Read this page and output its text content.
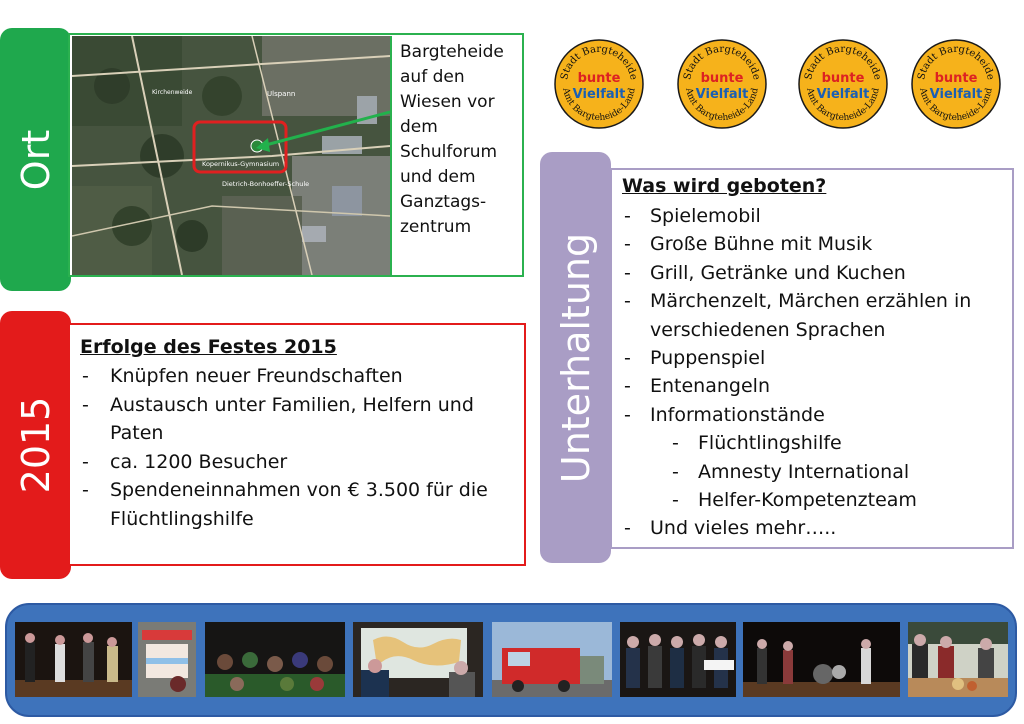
Ort
Ulspann
Kopernikus-Gymnasium
Dietrich-Bonhoeffer-Schule
Kirchenweide
Bargteheide
auf den
Wiesen vor
dem
Schulforum
und dem
Ganztags-
zentrum
2015
Erfolge des Festes 2015
- Knüpfen neuer Freundschaften
- Austausch unter Familien, Helfern und Paten
- ca. 1200 Besucher
- Spendeneinnahmen von € 3.500 für die Flüchtlingshilfe
Stadt Bargteheide
Amt Bargteheide-Land
bunte
Vielfalt
Stadt Bargteheide
Amt Bargteheide-Land
bunte
Vielfalt
Stadt Bargteheide
Amt Bargteheide-Land
bunte
Vielfalt
Stadt Bargteheide
Amt Bargteheide-Land
bunte
Vielfalt
Unterhaltung
Was wird geboten?
- Spielemobil
- Große Bühne mit Musik
- Grill, Getränke und Kuchen
- Märchenzelt, Märchen erzählen in verschiedenen Sprachen
- Puppenspiel
- Entenangeln
- Informationstände
- Flüchtlingshilfe
- Amnesty International
- Helfer-Kompetenzteam
- Und vieles mehr…..
